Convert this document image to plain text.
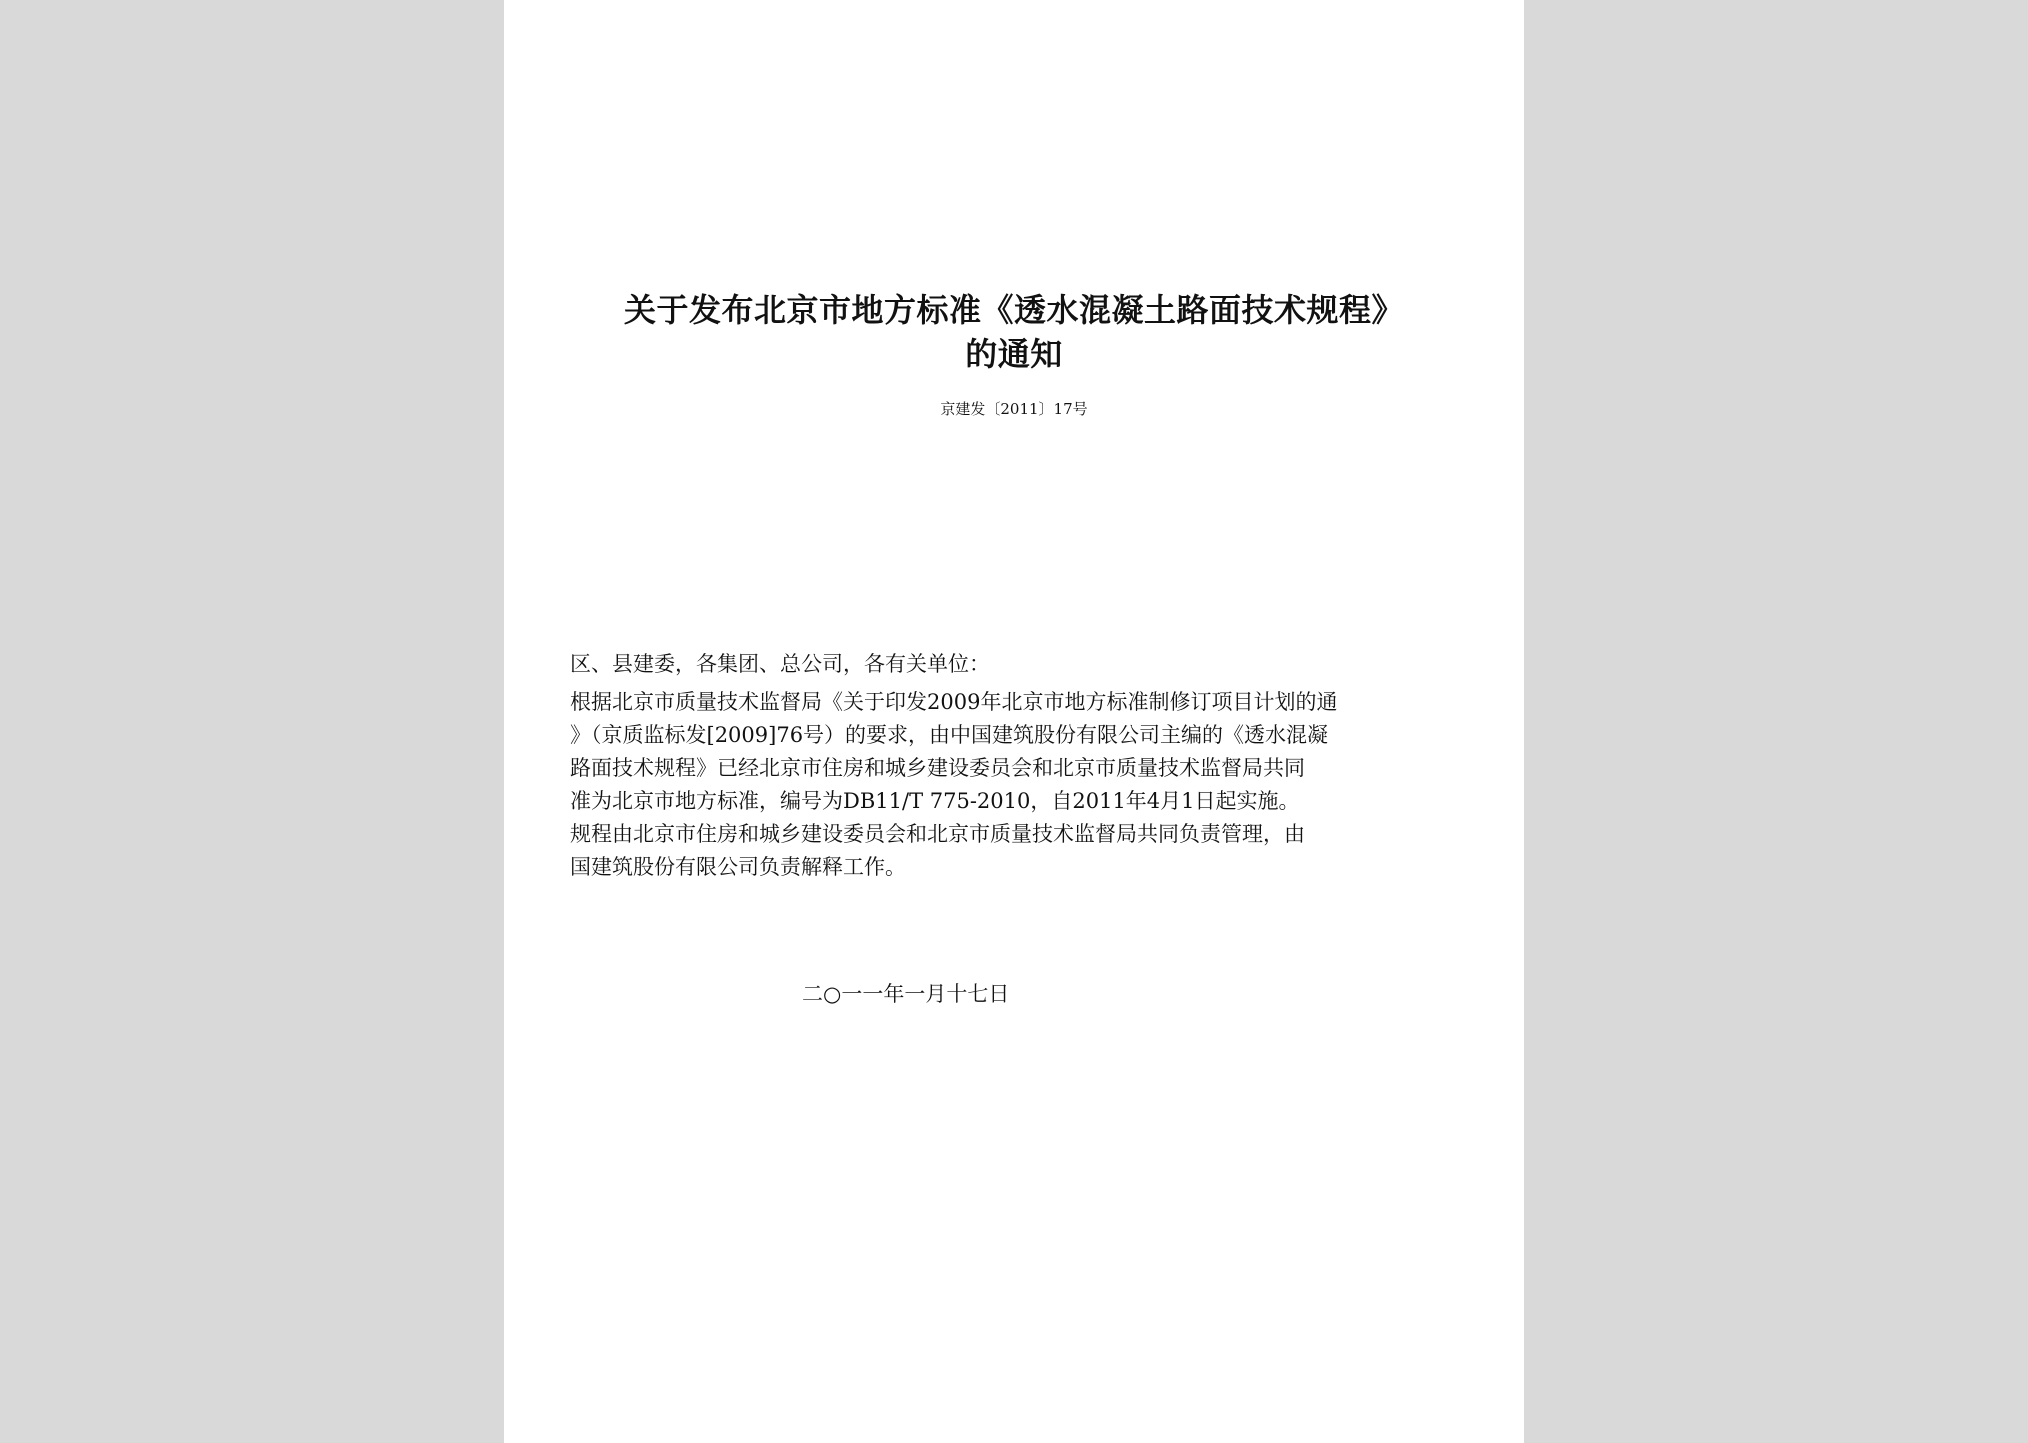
关于发布北京市地方标准《透水混凝土路面技术规程》
的通知
京建发〔2011〕17号
区、县建委，各集团、总公司，各有关单位：
根据北京市质量技术监督局《关于印发2009年北京市地方标准制修订项目计划的通
》（京质监标发[2009]76号）的要求，由中国建筑股份有限公司主编的《透水混凝
路面技术规程》已经北京市住房和城乡建设委员会和北京市质量技术监督局共同
准为北京市地方标准，编号为DB11/T 775-2010，自2011年4月1日起实施。
规程由北京市住房和城乡建设委员会和北京市质量技术监督局共同负责管理，由
国建筑股份有限公司负责解释工作。
二○一一年一月十七日
